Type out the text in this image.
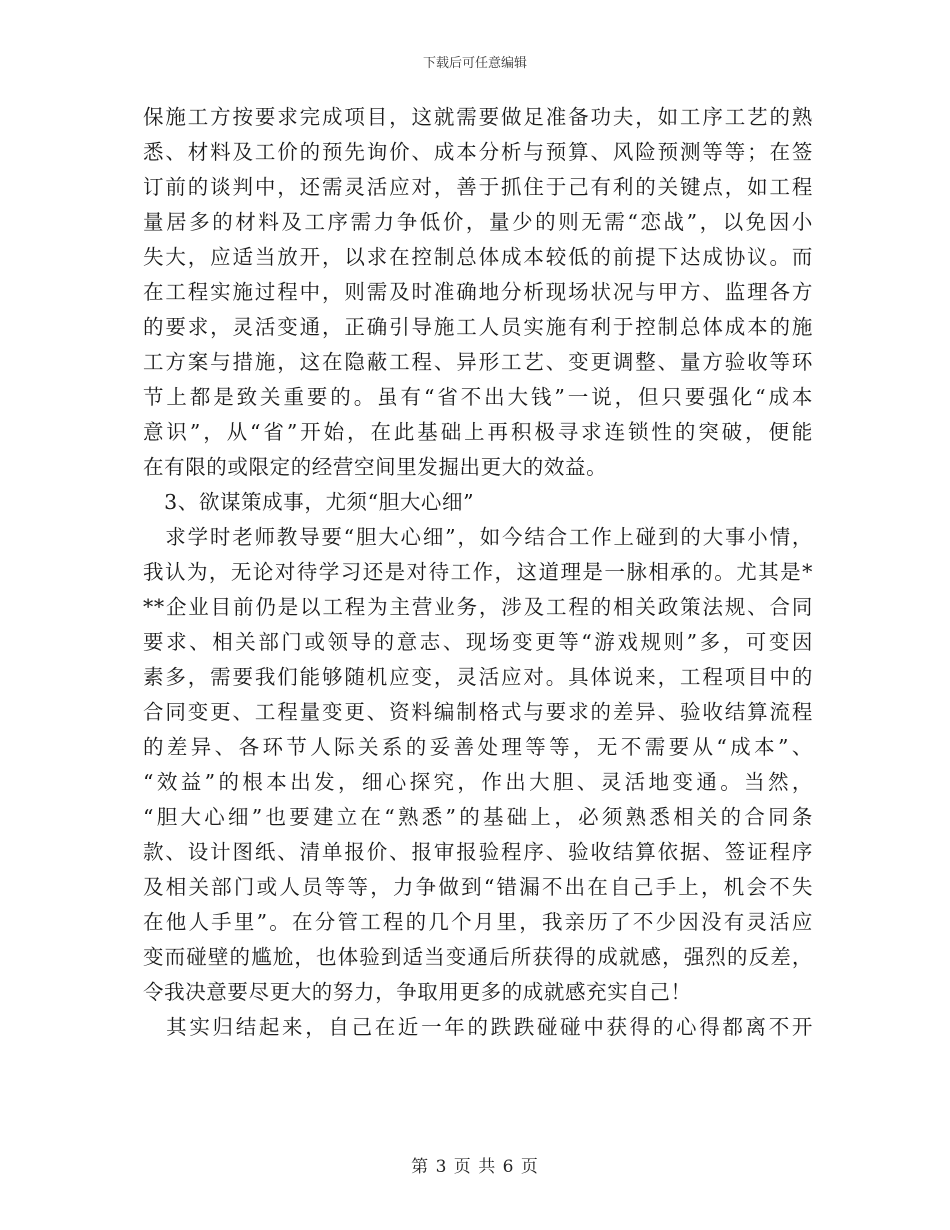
下载后可任意编辑
保施工方按要求完成项目，这就需要做足准备功夫，如工序工艺的熟
悉、材料及工价的预先询价、成本分析与预算、风险预测等等；在签
订前的谈判中，还需灵活应对，善于抓住于己有利的关键点，如工程
量居多的材料及工序需力争低价，量少的则无需“恋战”，以免因小
失大，应适当放开，以求在控制总体成本较低的前提下达成协议。而
在工程实施过程中，则需及时准确地分析现场状况与甲方、监理各方
的要求，灵活变通，正确引导施工人员实施有利于控制总体成本的施
工方案与措施，这在隐蔽工程、异形工艺、变更调整、量方验收等环
节上都是致关重要的。虽有“省不出大钱”一说，但只要强化“成本
意识”，从“省”开始，在此基础上再积极寻求连锁性的突破，便能
在有限的或限定的经营空间里发掘出更大的效益。
　3、欲谋策成事，尤须“胆大心细”
　求学时老师教导要“胆大心细”，如今结合工作上碰到的大事小情，
我认为，无论对待学习还是对待工作，这道理是一脉相承的。尤其是*
**企业目前仍是以工程为主营业务，涉及工程的相关政策法规、合同
要求、相关部门或领导的意志、现场变更等“游戏规则”多，可变因
素多，需要我们能够随机应变，灵活应对。具体说来，工程项目中的
合同变更、工程量变更、资料编制格式与要求的差异、验收结算流程
的差异、各环节人际关系的妥善处理等等，无不需要从“成本”、
“效益”的根本出发，细心探究，作出大胆、灵活地变通。当然，
“胆大心细”也要建立在“熟悉”的基础上，必须熟悉相关的合同条
款、设计图纸、清单报价、报审报验程序、验收结算依据、签证程序
及相关部门或人员等等，力争做到“错漏不出在自己手上，机会不失
在他人手里”。在分管工程的几个月里，我亲历了不少因没有灵活应
变而碰壁的尴尬，也体验到适当变通后所获得的成就感，强烈的反差，
令我决意要尽更大的努力，争取用更多的成就感充实自己！
　其实归结起来，自己在近一年的跌跌碰碰中获得的心得都离不开
第 3 页 共 6 页
